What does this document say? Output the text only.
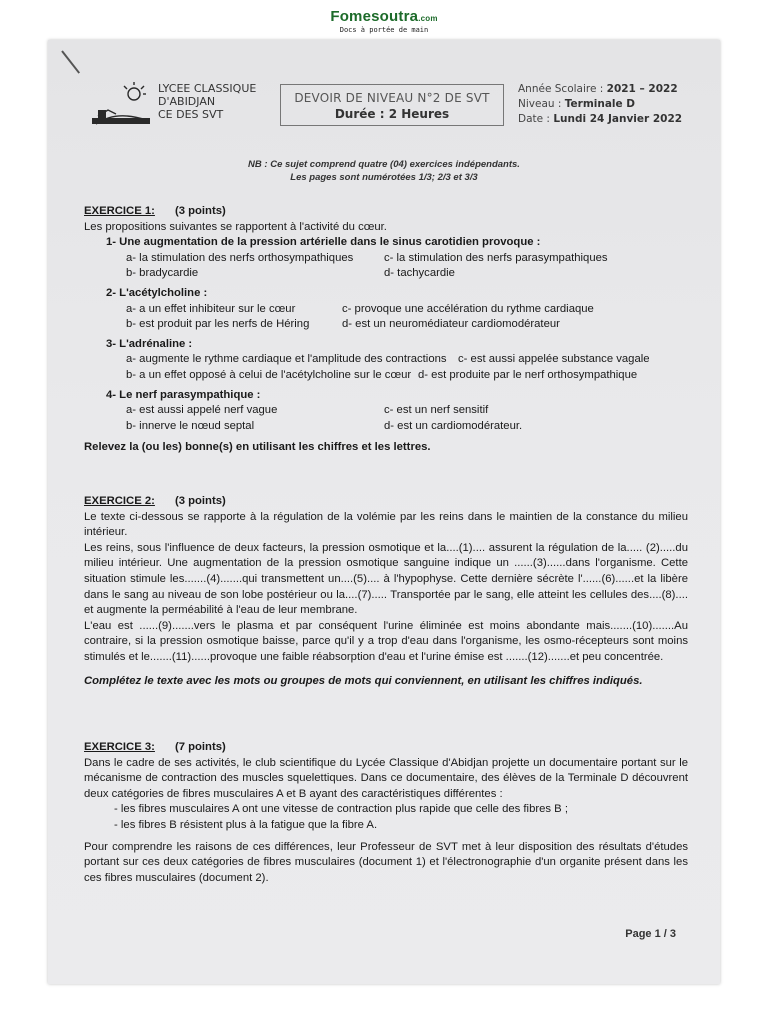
Fomesoutra.com
Docs à portée de main
LYCEE CLASSIQUE
D'ABIDJAN
CE DES SVT
DEVOIR DE NIVEAU N°2 DE SVT
Durée : 2 Heures
Année Scolaire : 2021 – 2022
Niveau : Terminale D
Date : Lundi 24 Janvier 2022
NB : Ce sujet comprend quatre (04) exercices indépendants.
Les pages sont numérotées 1/3; 2/3 et 3/3
EXERCICE 1: (3 points)
Les propositions suivantes se rapportent à l'activité du cœur.
1- Une augmentation de la pression artérielle dans le sinus carotidien provoque :
a- la stimulation des nerfs orthosympathiques	c- la stimulation des nerfs parasympathiques
b- bradycardie	d- tachycardie
2- L'acétylcholine :
a- a un effet inhibiteur sur le cœur	c- provoque une accélération du rythme cardiaque
b- est produit par les nerfs de Héring	d- est un neuromédiateur cardiomodérateur
3- L'adrénaline :
a- augmente le rythme cardiaque et l'amplitude des contractions	c- est aussi appelée substance vagale
b- a un effet opposé à celui de l'acétylcholine sur le cœur d- est produite par le nerf orthosympathique
4- Le nerf parasympathique :
a- est aussi appelé nerf vague	c- est un nerf sensitif
b- innerve le nœud septal	d- est un cardiomodérateur.
Relevez la (ou les) bonne(s) en utilisant les chiffres et les lettres.
EXERCICE 2: (3 points)
Le texte ci-dessous se rapporte à la régulation de la volémie par les reins dans le maintien de la constance du milieu intérieur.
Les reins, sous l'influence de deux facteurs, la pression osmotique et la....(1).... assurent la régulation de la..... (2).....du milieu intérieur. Une augmentation de la pression osmotique sanguine indique un ......(3)......dans l'organisme. Cette situation stimule les.......(4).......qui transmettent un....(5).... à l'hypophyse. Cette dernière sécrète l'......(6)......et la libère dans le sang au niveau de son lobe postérieur ou la....(7)..... Transportée par le sang, elle atteint les cellules des....(8).... et augmente la perméabilité à l'eau de leur membrane.
L'eau est ......(9).......vers le plasma et par conséquent l'urine éliminée est moins abondante mais.......(10).......Au contraire, si la pression osmotique baisse, parce qu'il y a trop d'eau dans l'organisme, les osmo-récepteurs sont moins stimulés et le.......(11)......provoque une faible réabsorption d'eau et l'urine émise est .......(12).......et peu concentrée.
Complétez le texte avec les mots ou groupes de mots qui conviennent, en utilisant les chiffres indiqués.
EXERCICE 3: (7 points)
Dans le cadre de ses activités, le club scientifique du Lycée Classique d'Abidjan projette un documentaire portant sur le mécanisme de contraction des muscles squelettiques. Dans ce documentaire, des élèves de la Terminale D découvrent deux catégories de fibres musculaires A et B ayant des caractéristiques différentes :
- les fibres musculaires A ont une vitesse de contraction plus rapide que celle des fibres B ;
- les fibres B résistent plus à la fatigue que la fibre A.
Pour comprendre les raisons de ces différences, leur Professeur de SVT met à leur disposition des résultats d'études portant sur ces deux catégories de fibres musculaires (document 1) et l'électronographie d'un organite présent dans les ces fibres musculaires (document 2).
Page 1 / 3
